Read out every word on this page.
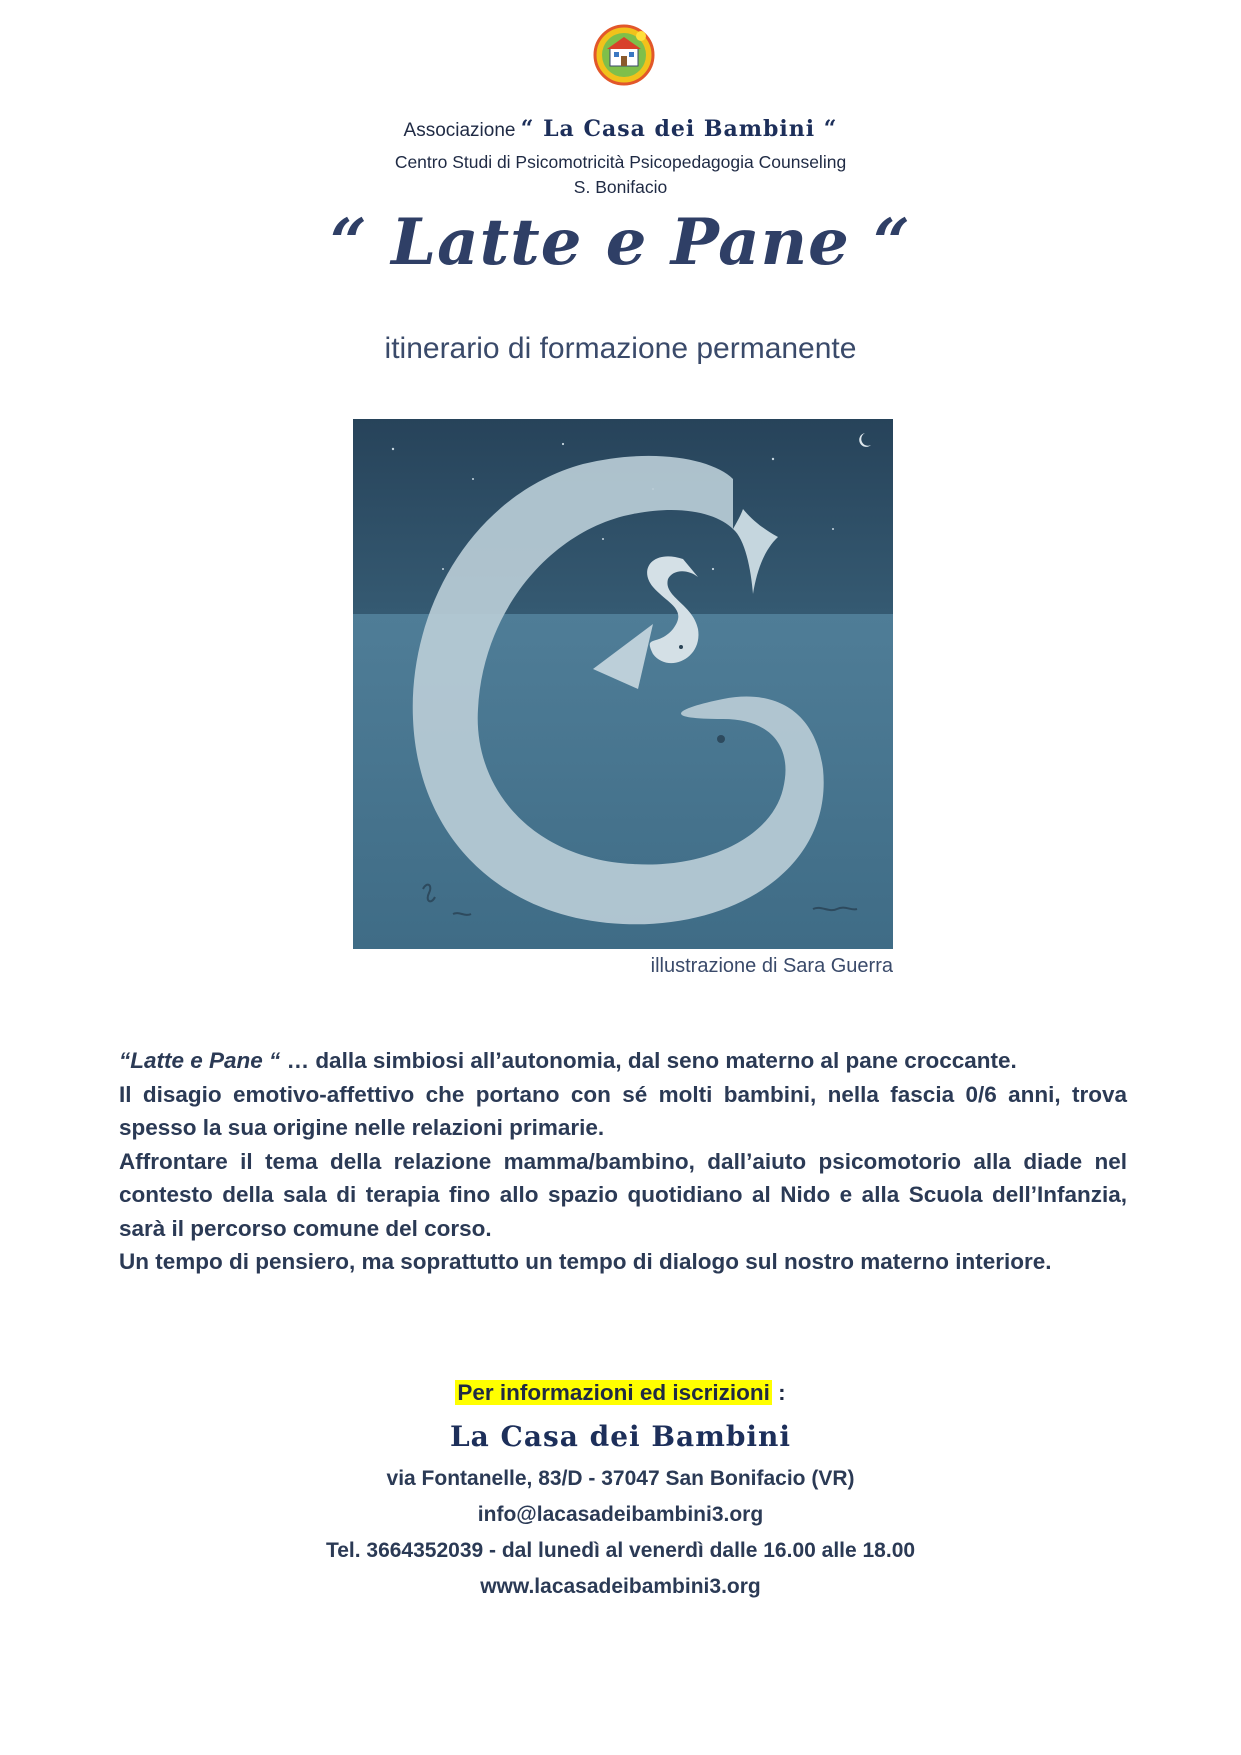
Associazione “ La Casa dei Bambini “
Centro Studi di Psicomotricità Psicopedagogia Counseling
S. Bonifacio
“ Latte e Pane “
itinerario di formazione permanente
illustrazione di Sara Guerra

“Latte e Pane “ … dalla simbiosi all’autonomia, dal seno materno al pane croccante.

Il disagio emotivo-affettivo che portano con sé molti bambini, nella fascia 0/6 anni, trova spesso la sua origine nelle relazioni primarie.

Affrontare il tema della relazione mamma/bambino, dall’aiuto psicomotorio alla diade nel contesto della sala di terapia fino allo spazio quotidiano al Nido e alla Scuola dell’Infanzia, sarà il percorso comune del corso.

Un tempo di pensiero, ma soprattutto un tempo di dialogo sul nostro materno interiore.

Per informazioni ed iscrizioni :
La Casa dei Bambini
via Fontanelle, 83/D - 37047 San Bonifacio (VR)
info@lacasadeibambini3.org
Tel. 3664352039 - dal lunedì al venerdì dalle 16.00 alle 18.00
www.lacasadeibambini3.org
